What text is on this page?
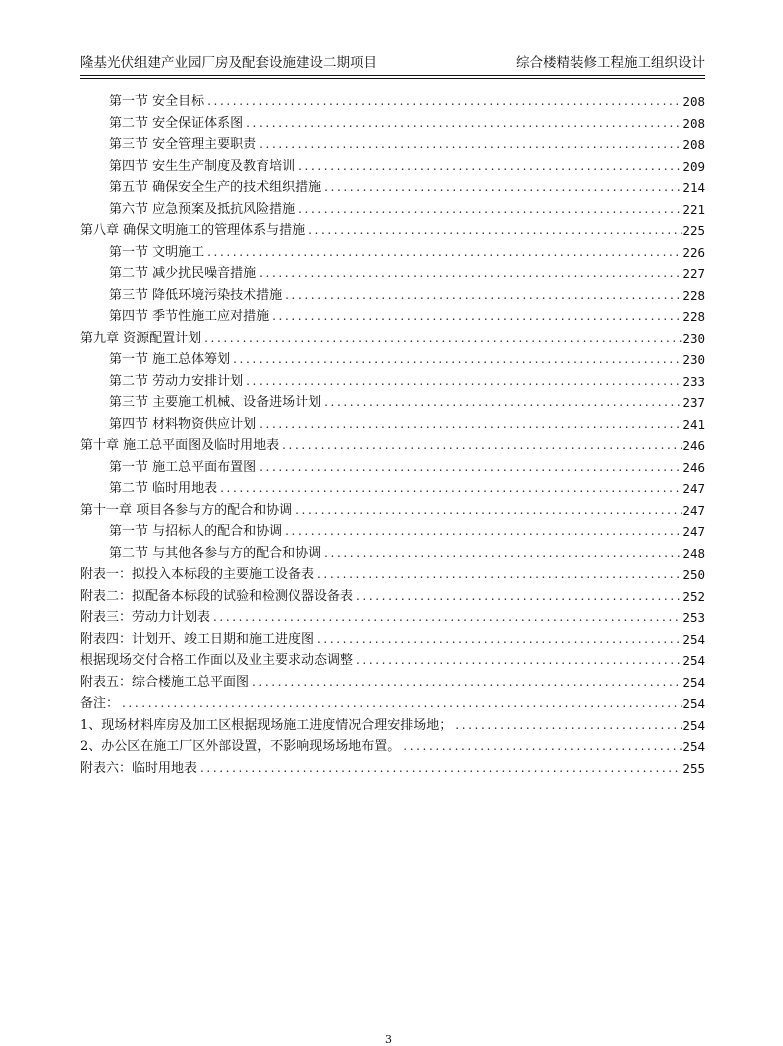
隆基光伏组建产业园厂房及配套设施建设二期项目	综合楼精装修工程施工组织设计
第一节 安全目标 .....	208
第二节 安全保证体系图 .....	208
第三节 安全管理主要职责 .....	208
第四节 安生生产制度及教育培训 .....	209
第五节 确保安全生产的技术组织措施 .....	214
第六节 应急预案及抵抗风险措施 .....	221
第八章 确保文明施工的管理体系与措施 .....	225
第一节 文明施工 .....	226
第二节 减少扰民噪音措施 .....	227
第三节 降低环境污染技术措施 .....	228
第四节 季节性施工应对措施 .....	228
第九章 资源配置计划 .....	230
第一节 施工总体筹划 .....	230
第二节 劳动力安排计划 .....	233
第三节 主要施工机械、设备进场计划 .....	237
第四节 材料物资供应计划 .....	241
第十章 施工总平面图及临时用地表 .....	246
第一节 施工总平面布置图 .....	246
第二节 临时用地表 .....	247
第十一章 项目各参与方的配合和协调 .....	247
第一节 与招标人的配合和协调 .....	247
第二节 与其他各参与方的配合和协调 .....	248
附表一：拟投入本标段的主要施工设备表 .....	250
附表二：拟配备本标段的试验和检测仪器设备表 .....	252
附表三：劳动力计划表 .....	253
附表四：计划开、竣工日期和施工进度图 .....	254
根据现场交付合格工作面以及业主要求动态调整 .....	254
附表五：综合楼施工总平面图 .....	254
备注： .....	254
1、现场材料库房及加工区根据现场施工进度情况合理安排场地； .....	254
2、办公区在施工厂区外部设置，不影响现场场地布置。 .....	254
附表六：临时用地表 .....	255
3
